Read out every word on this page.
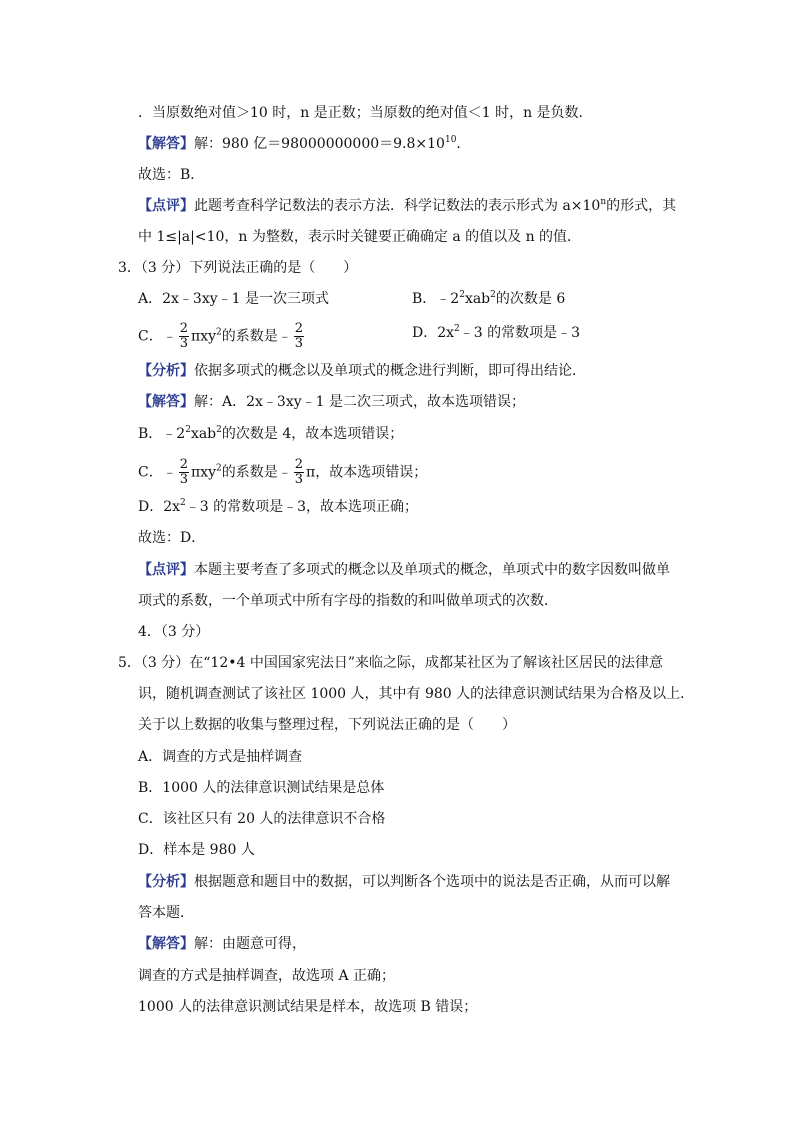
．当原数绝对值＞10 时，n 是正数；当原数的绝对值＜1 时，n 是负数．
【解答】解：980 亿$=98000000000=9.8\times 10^{10}$．
故选：B．
【点评】此题考查科学记数法的表示方法．科学记数法的表示形式为 $a\times 10^n$的形式，其
中 1≤|a|<10，n 为整数，表示时关键要正确确定 a 的值以及 n 的值．
3．（3 分）下列说法正确的是（　　）
A．2x﹣3xy﹣1 是一次三项式	B．$﹣2^2xab^2$的次数是 6
C．﹣ $\frac{2}{3} \pi xy^2$的系数是﹣ $\frac{2}{3}$	D．$2x^2﹣3$ 的常数项是﹣3
【分析】依据多项式的概念以及单项式的概念进行判断，即可得出结论．
【解答】解：A．2x﹣3xy﹣1 是二次三项式，故本选项错误；
B．$﹣2^2xab^2$的次数是 4，故本选项错误；
C．﹣ $\frac{2}{3} \pi xy^2$的系数是﹣ $\frac{2}{3}$ π，故本选项错误；
D．$2x^2﹣3$ 的常数项是﹣3，故本选项正确；
故选：D．
【点评】本题主要考查了多项式的概念以及单项式的概念，单项式中的数字因数叫做单
项式的系数，一个单项式中所有字母的指数的和叫做单项式的次数．
4．（3 分）
5．（3 分）在“12•4 中国国家宪法日”来临之际，成都某社区为了解该社区居民的法律意
识，随机调查测试了该社区 1000 人，其中有 980 人的法律意识测试结果为合格及以上．
关于以上数据的收集与整理过程，下列说法正确的是（　　）
A．调查的方式是抽样调查
B．1000 人的法律意识测试结果是总体
C．该社区只有 20 人的法律意识不合格
D．样本是 980 人
【分析】根据题意和题目中的数据，可以判断各个选项中的说法是否正确，从而可以解
答本题．
【解答】解：由题意可得，
调查的方式是抽样调查，故选项 A 正确；
1000 人的法律意识测试结果是样本，故选项 B 错误；
